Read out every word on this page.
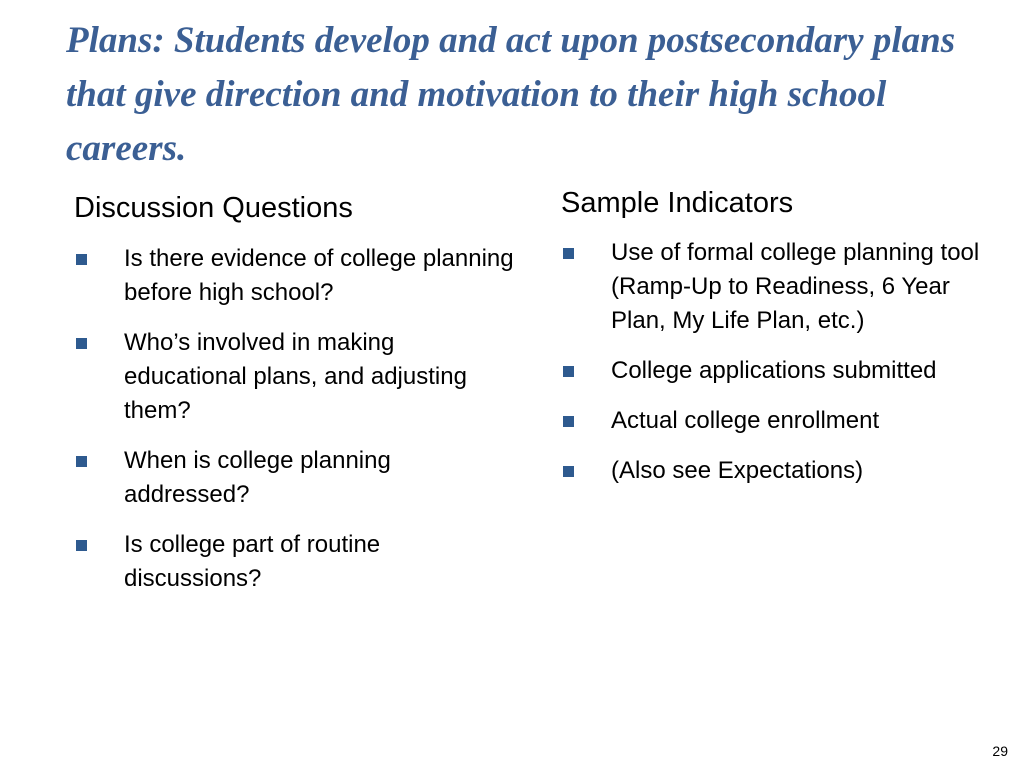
Plans: Students develop and act upon postsecondary plans that give direction and motivation to their high school careers.
Discussion Questions
Is there evidence of college planning before high school?
Who’s involved in making educational plans, and adjusting them?
When is college planning addressed?
Is college part of routine discussions?
Sample Indicators
Use of formal college planning tool (Ramp-Up to Readiness, 6 Year Plan, My Life Plan, etc.)
College applications submitted
Actual college enrollment
(Also see Expectations)
29
